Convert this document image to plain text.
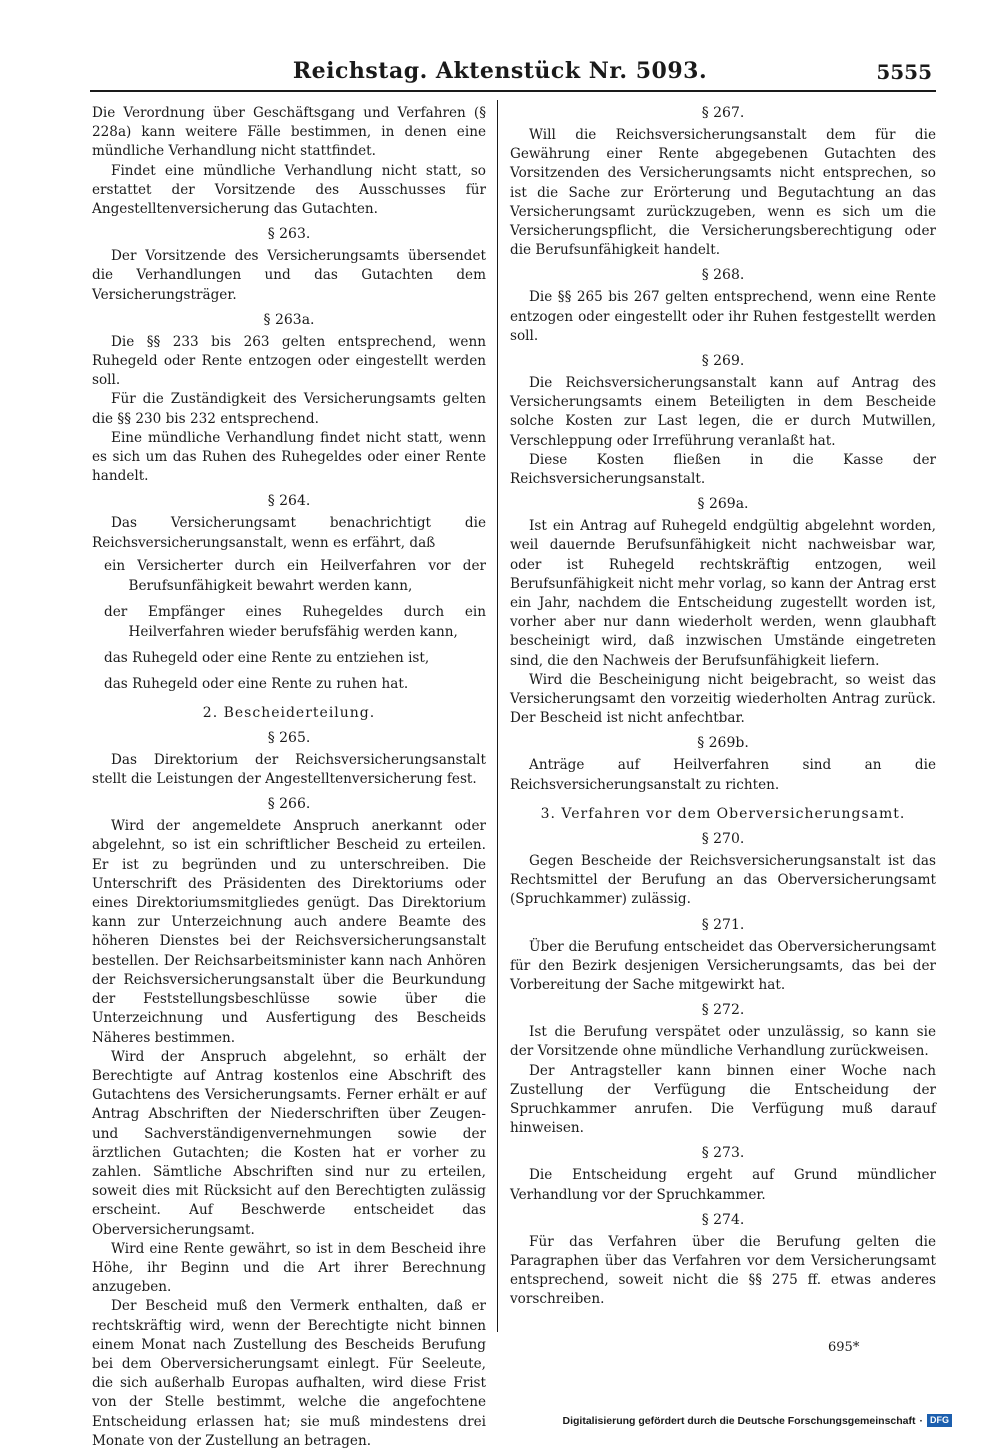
Reichstag. Aktenstück Nr. 5093.	5555

Die Verordnung über Geschäftsgang und Verfahren (§ 228a) kann weitere Fälle bestimmen, in denen eine mündliche Verhandlung nicht stattfindet.

Findet eine mündliche Verhandlung nicht statt, so erstattet der Vorsitzende des Ausschusses für Angestelltenversicherung das Gutachten.

§ 263.

Der Vorsitzende des Versicherungsamts übersendet die Verhandlungen und das Gutachten dem Versicherungsträger.

§ 263a.

Die §§ 233 bis 263 gelten entsprechend, wenn Ruhegeld oder Rente entzogen oder eingestellt werden soll.

Für die Zuständigkeit des Versicherungsamts gelten die §§ 230 bis 232 entsprechend.

Eine mündliche Verhandlung findet nicht statt, wenn es sich um das Ruhen des Ruhegeldes oder einer Rente handelt.

§ 264.

Das Versicherungsamt benachrichtigt die Reichsversicherungsanstalt, wenn es erfährt, daß

ein Versicherter durch ein Heilverfahren vor der Berufsunfähigkeit bewahrt werden kann,
der Empfänger eines Ruhegeldes durch ein Heilverfahren wieder berufsfähig werden kann,
das Ruhegeld oder eine Rente zu entziehen ist,
das Ruhegeld oder eine Rente zu ruhen hat.
2. Bescheiderteilung.
§ 265.

Das Direktorium der Reichsversicherungsanstalt stellt die Leistungen der Angestelltenversicherung fest.

§ 266.

Wird der angemeldete Anspruch anerkannt oder abgelehnt, so ist ein schriftlicher Bescheid zu erteilen. Er ist zu begründen und zu unterschreiben. Die Unterschrift des Präsidenten des Direktoriums oder eines Direktoriumsmitgliedes genügt. Das Direktorium kann zur Unterzeichnung auch andere Beamte des höheren Dienstes bei der Reichsversicherungsanstalt bestellen. Der Reichsarbeitsminister kann nach Anhören der Reichsversicherungsanstalt über die Beurkundung der Feststellungsbeschlüsse sowie über die Unterzeichnung und Ausfertigung des Bescheids Näheres bestimmen.

Wird der Anspruch abgelehnt, so erhält der Berechtigte auf Antrag kostenlos eine Abschrift des Gutachtens des Versicherungsamts. Ferner erhält er auf Antrag Abschriften der Niederschriften über Zeugen- und Sachverständigenvernehmungen sowie der ärztlichen Gutachten; die Kosten hat er vorher zu zahlen. Sämtliche Abschriften sind nur zu erteilen, soweit dies mit Rücksicht auf den Berechtigten zulässig erscheint. Auf Beschwerde entscheidet das Oberversicherungsamt.

Wird eine Rente gewährt, so ist in dem Bescheid ihre Höhe, ihr Beginn und die Art ihrer Berechnung anzugeben.

Der Bescheid muß den Vermerk enthalten, daß er rechtskräftig wird, wenn der Berechtigte nicht binnen einem Monat nach Zustellung des Bescheids Berufung bei dem Oberversicherungsamt einlegt. Für Seeleute, die sich außerhalb Europas aufhalten, wird diese Frist von der Stelle bestimmt, welche die angefochtene Entscheidung erlassen hat; sie muß mindestens drei Monate von der Zustellung an betragen.

§ 267.

Will die Reichsversicherungsanstalt dem für die Gewährung einer Rente abgegebenen Gutachten des Vorsitzenden des Versicherungsamts nicht entsprechen, so ist die Sache zur Erörterung und Begutachtung an das Versicherungsamt zurückzugeben, wenn es sich um die Versicherungspflicht, die Versicherungsberechtigung oder die Berufsunfähigkeit handelt.

§ 268.

Die §§ 265 bis 267 gelten entsprechend, wenn eine Rente entzogen oder eingestellt oder ihr Ruhen festgestellt werden soll.

§ 269.

Die Reichsversicherungsanstalt kann auf Antrag des Versicherungsamts einem Beteiligten in dem Bescheide solche Kosten zur Last legen, die er durch Mutwillen, Verschleppung oder Irreführung veranlaßt hat.

Diese Kosten fließen in die Kasse der Reichsversicherungsanstalt.

§ 269a.

Ist ein Antrag auf Ruhegeld endgültig abgelehnt worden, weil dauernde Berufsunfähigkeit nicht nachweisbar war, oder ist Ruhegeld rechtskräftig entzogen, weil Berufsunfähigkeit nicht mehr vorlag, so kann der Antrag erst ein Jahr, nachdem die Entscheidung zugestellt worden ist, vorher aber nur dann wiederholt werden, wenn glaubhaft bescheinigt wird, daß inzwischen Umstände eingetreten sind, die den Nachweis der Berufsunfähigkeit liefern.

Wird die Bescheinigung nicht beigebracht, so weist das Versicherungsamt den vorzeitig wiederholten Antrag zurück. Der Bescheid ist nicht anfechtbar.

§ 269b.

Anträge auf Heilverfahren sind an die Reichsversicherungsanstalt zu richten.

3. Verfahren vor dem Oberversicherungsamt.
§ 270.

Gegen Bescheide der Reichsversicherungsanstalt ist das Rechtsmittel der Berufung an das Oberversicherungsamt (Spruchkammer) zulässig.

§ 271.

Über die Berufung entscheidet das Oberversicherungsamt für den Bezirk desjenigen Versicherungsamts, das bei der Vorbereitung der Sache mitgewirkt hat.

§ 272.

Ist die Berufung verspätet oder unzulässig, so kann sie der Vorsitzende ohne mündliche Verhandlung zurückweisen.

Der Antragsteller kann binnen einer Woche nach Zustellung der Verfügung die Entscheidung der Spruchkammer anrufen. Die Verfügung muß darauf hinweisen.

§ 273.

Die Entscheidung ergeht auf Grund mündlicher Verhandlung vor der Spruchkammer.

§ 274.

Für das Verfahren über die Berufung gelten die Paragraphen über das Verfahren vor dem Versicherungsamt entsprechend, soweit nicht die §§ 275 ff. etwas anderes vorschreiben.

695*
Digitalisierung gefördert durch die Deutsche Forschungsgemeinschaft · DFG
